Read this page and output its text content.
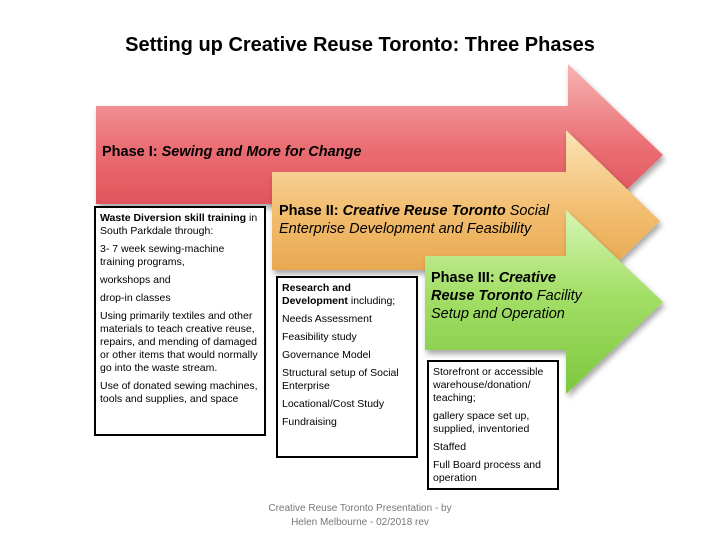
Setting up Creative Reuse Toronto: Three Phases
Phase I: Sewing and More for Change
Phase II: Creative Reuse Toronto Social Enterprise Development and Feasibility
Phase III: Creative Reuse Toronto Facility Setup and Operation

Waste Diversion skill training in South Parkdale through:

3- 7 week sewing-machine training programs,

workshops and

drop-in classes

Using primarily textiles and other materials to teach creative reuse, repairs, and mending of damaged or other items that would normally go into the waste stream.

Use of donated sewing machines, tools and supplies, and space

Research and Development including;

Needs Assessment

Feasibility study

Governance Model

Structural setup of Social Enterprise

Locational/Cost Study

Fundraising

Storefront or accessible warehouse/donation/ teaching;

gallery space set up, supplied, inventoried

Staffed

Full Board process and operation

Creative Reuse Toronto Presentation - by
Helen Melbourne - 02/2018 rev
